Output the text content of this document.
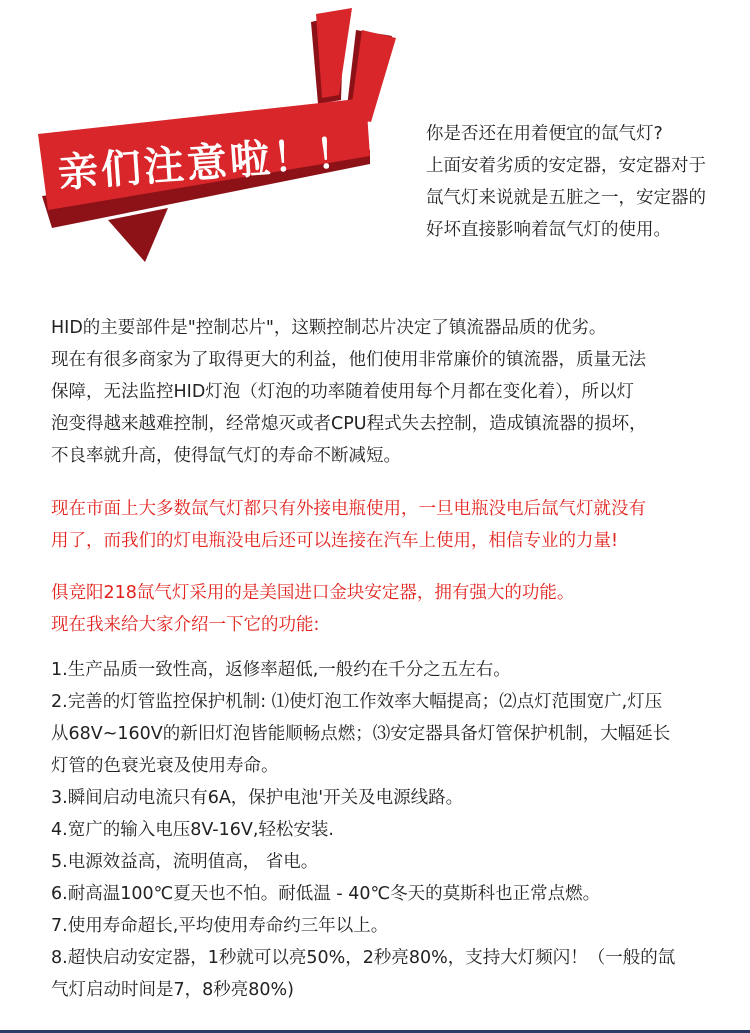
亲们注意啦！！	你是否还在用着便宜的氙气灯?

上面安着劣质的安定器，安定器对于

氙气灯来说就是五脏之一，安定器的

好坏直接影响着氙气灯的使用。

HID的主要部件是"控制芯片"，这颗控制芯片决定了镇流器品质的优劣。

现在有很多商家为了取得更大的利益，他们使用非常廉价的镇流器，质量无法

保障，无法监控HID灯泡（灯泡的功率随着使用每个月都在变化着），所以灯

泡变得越来越难控制，经常熄灭或者CPU程式失去控制，造成镇流器的损坏，

不良率就升高，使得氙气灯的寿命不断减短。

现在市面上大多数氙气灯都只有外接电瓶使用，一旦电瓶没电后氙气灯就没有

用了，而我们的灯电瓶没电后还可以连接在汽车上使用，相信专业的力量!

俱竞阳218氙气灯采用的是美国进口金块安定器，拥有强大的功能。

现在我来给大家介绍一下它的功能:

1.生产品质一致性高，返修率超低,一般约在千分之五左右。

2.完善的灯管监控保护机制: ⑴使灯泡工作效率大幅提高；⑵点灯范围宽广,灯压

从68V~160V的新旧灯泡皆能顺畅点燃；⑶安定器具备灯管保护机制，大幅延长

灯管的色衰光衰及使用寿命。

3.瞬间启动电流只有6A，保护电池'开关及电源线路。

4.宽广的输入电压8V-16V,轻松安装.

5.电源效益高，流明值高， 省电。

6.耐高温100℃夏天也不怕。耐低温 - 40℃冬天的莫斯科也正常点燃。

7.使用寿命超长,平均使用寿命约三年以上。

8.超快启动安定器，1秒就可以亮50%，2秒亮80%，支持大灯频闪！（一般的氙

气灯启动时间是7，8秒亮80%)
